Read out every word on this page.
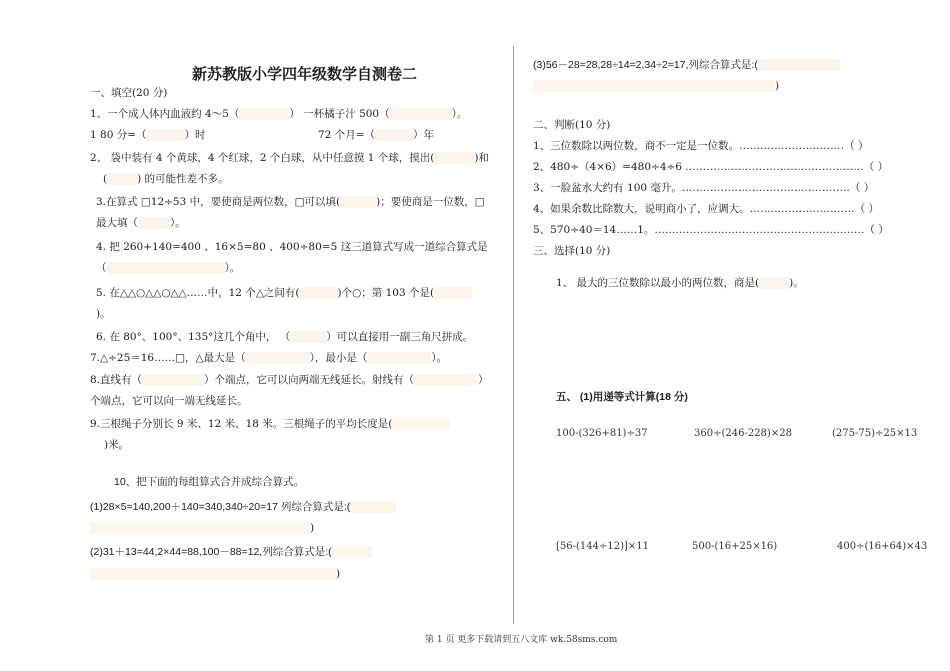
新苏教版小学四年级数学自测卷二
一、填空(20 分)
1、一个成人体内血液约 4～5（	） 一杯橘子汁 500（	）。
1 80 分=（	）时	72 个月=（	）年
2、 袋中装有 4 个黄球，4 个红球，2 个白球，从中任意摸 1 个球，摸出(	)和
(	) 的可能性差不多。
3.在算式 □12÷53 中，要使商是两位数，□可以填(	)；要使商是一位数，□
最大填（	）。
4. 把 260+140=400 、16×5=80 、400÷80=5 这三道算式写成一道综合算式是
（	）。
5. 在△△○△△○△△……中，12 个△之间有(	)个○；第 103 个是(
)。
6. 在 80°、100°、135°这几个角中， （	）可以直接用一副三角尺拼成。
7.△÷25＝16……□，△最大是（	），最小是（	）。
8.直线有（	）个端点，它可以向两端无线延长。射线有（	）
个端点，它可以向一端无线延长。
9.三根绳子分别长 9 米、12 米、18 米。三根绳子的平均长度是(
)米。
10、把下面的每组算式合并成综合算式。
(1)28×5=140,200＋140=340,340÷20=17 列综合算式是:(
)
(2)31＋13=44,2×44=88,100－88=12,列综合算式是:(
)
(3)56－28=28,28÷14=2,34÷2=17,列综合算式是:(
)
二、判断(10 分)
1、三位数除以两位数，商不一定是一位数。…………………………（ ）
2、480÷（4×6）=480÷4÷6 ……………………………………………（ ）
3、一脸盆水大约有 100 毫升。…………………………………………（ ）
4、如果余数比除数大，说明商小了，应调大。…………………………（ ）
5、570÷40＝14……1。……………………………………………………（ ）
三、选择(10 分)
1、 最大的三位数除以最小的两位数，商是(	)。
五、 (1)用递等式计算(18 分)
100-(326+81)÷37	360÷(246-228)×28	(275-75)÷25×13
[56-(144÷12)]×11	500-(16+25×16)	400÷(16+64)×43
第 1 页 更多下载请到五八文库 wk.58sms.com
